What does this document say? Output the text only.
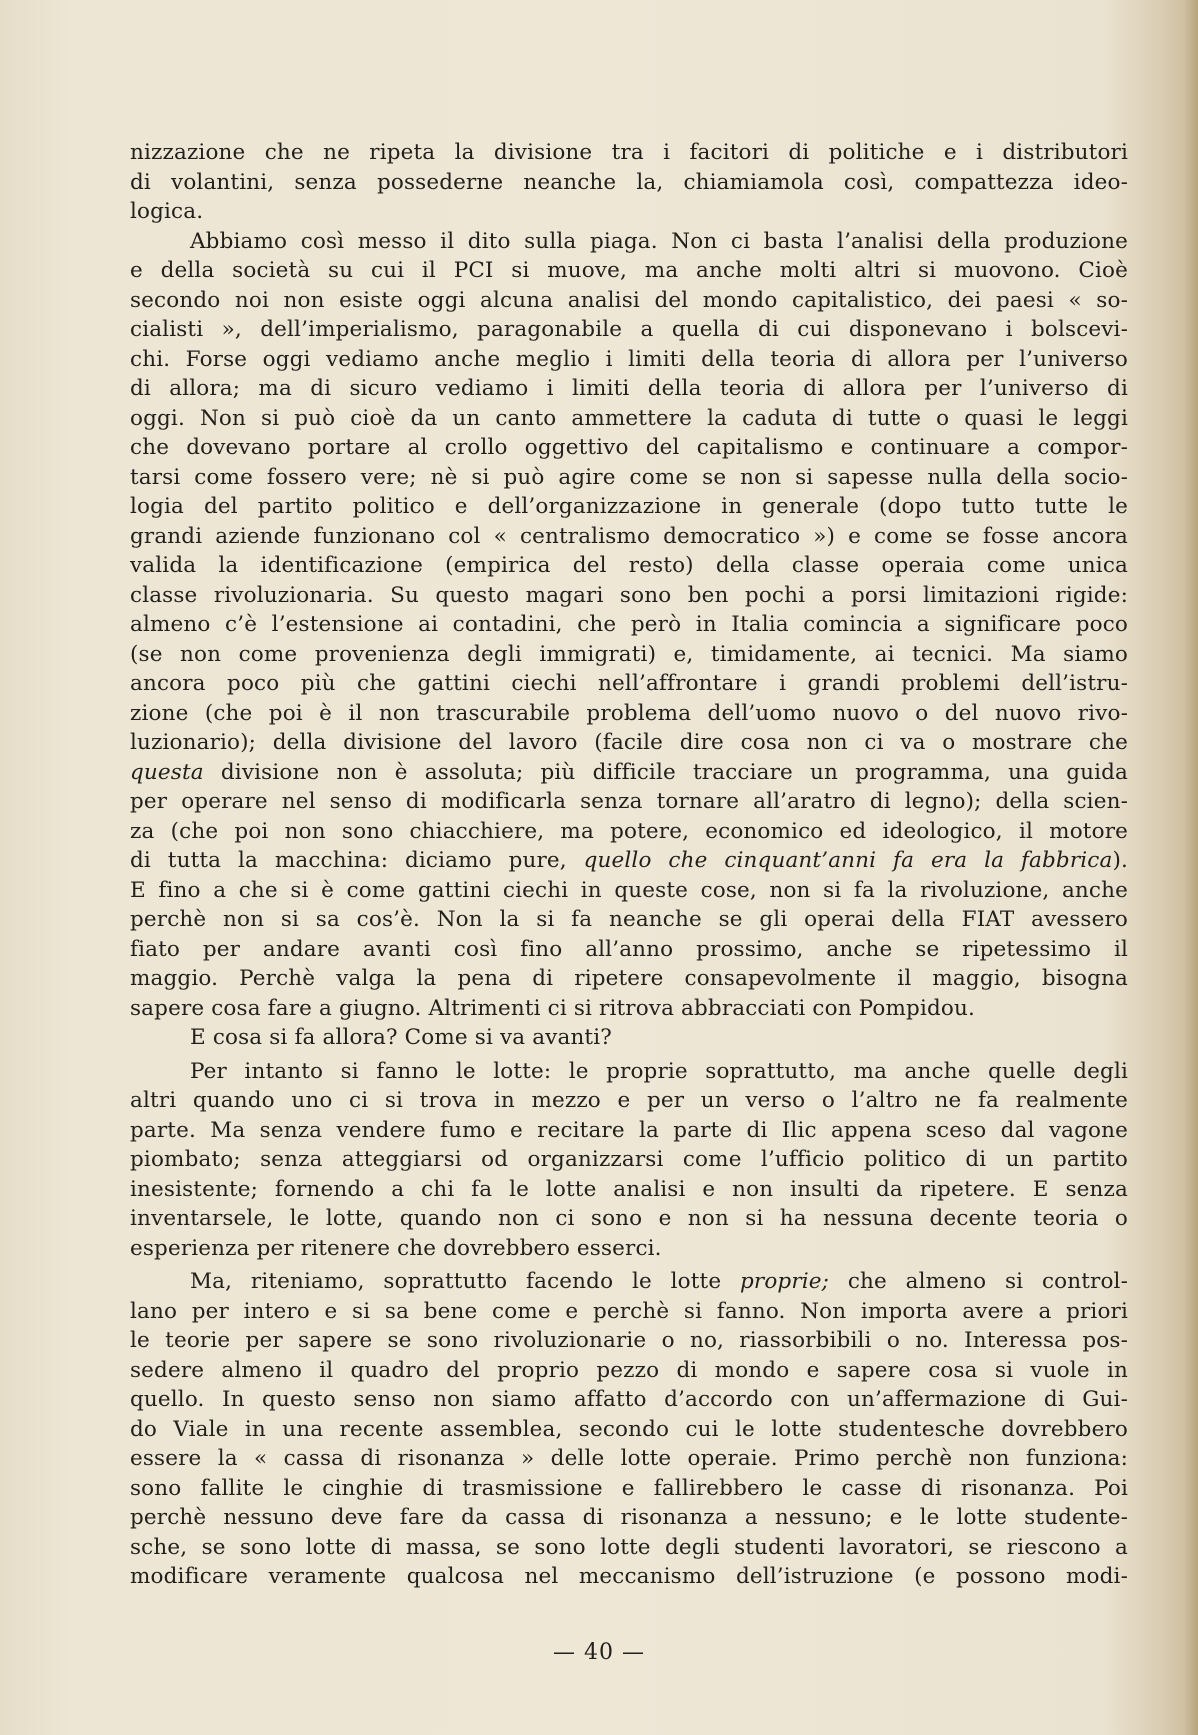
nizzazione che ne ripeta la divisione tra i facitori di politiche e i distributori
di volantini, senza possederne neanche la, chiamiamola così, compattezza ideo-
logica.
Abbiamo così messo il dito sulla piaga. Non ci basta l’analisi della produzione
e della società su cui il PCI si muove, ma anche molti altri si muovono. Cioè
secondo noi non esiste oggi alcuna analisi del mondo capitalistico, dei paesi « so-
cialisti », dell’imperialismo, paragonabile a quella di cui disponevano i bolscevi-
chi. Forse oggi vediamo anche meglio i limiti della teoria di allora per l’universo
di allora; ma di sicuro vediamo i limiti della teoria di allora per l’universo di
oggi. Non si può cioè da un canto ammettere la caduta di tutte o quasi le leggi
che dovevano portare al crollo oggettivo del capitalismo e continuare a compor-
tarsi come fossero vere; nè si può agire come se non si sapesse nulla della socio-
logia del partito politico e dell’organizzazione in generale (dopo tutto tutte le
grandi aziende funzionano col « centralismo democratico ») e come se fosse ancora
valida la identificazione (empirica del resto) della classe operaia come unica
classe rivoluzionaria. Su questo magari sono ben pochi a porsi limitazioni rigide:
almeno c’è l’estensione ai contadini, che però in Italia comincia a significare poco
(se non come provenienza degli immigrati) e, timidamente, ai tecnici. Ma siamo
ancora poco più che gattini ciechi nell’affrontare i grandi problemi dell’istru-
zione (che poi è il non trascurabile problema dell’uomo nuovo o del nuovo rivo-
luzionario); della divisione del lavoro (facile dire cosa non ci va o mostrare che
questa divisione non è assoluta; più difficile tracciare un programma, una guida
per operare nel senso di modificarla senza tornare all’aratro di legno); della scien-
za (che poi non sono chiacchiere, ma potere, economico ed ideologico, il motore
di tutta la macchina: diciamo pure, quello che cinquant’anni fa era la fabbrica).
E fino a che si è come gattini ciechi in queste cose, non si fa la rivoluzione, anche
perchè non si sa cos’è. Non la si fa neanche se gli operai della FIAT avessero
fiato per andare avanti così fino all’anno prossimo, anche se ripetessimo il
maggio. Perchè valga la pena di ripetere consapevolmente il maggio, bisogna
sapere cosa fare a giugno. Altrimenti ci si ritrova abbracciati con Pompidou.
E cosa si fa allora? Come si va avanti?
Per intanto si fanno le lotte: le proprie soprattutto, ma anche quelle degli
altri quando uno ci si trova in mezzo e per un verso o l’altro ne fa realmente
parte. Ma senza vendere fumo e recitare la parte di Ilic appena sceso dal vagone
piombato; senza atteggiarsi od organizzarsi come l’ufficio politico di un partito
inesistente; fornendo a chi fa le lotte analisi e non insulti da ripetere. E senza
inventarsele, le lotte, quando non ci sono e non si ha nessuna decente teoria o
esperienza per ritenere che dovrebbero esserci.
Ma, riteniamo, soprattutto facendo le lotte proprie; che almeno si control-
lano per intero e si sa bene come e perchè si fanno. Non importa avere a priori
le teorie per sapere se sono rivoluzionarie o no, riassorbibili o no. Interessa pos-
sedere almeno il quadro del proprio pezzo di mondo e sapere cosa si vuole in
quello. In questo senso non siamo affatto d’accordo con un’affermazione di Gui-
do Viale in una recente assemblea, secondo cui le lotte studentesche dovrebbero
essere la « cassa di risonanza » delle lotte operaie. Primo perchè non funziona:
sono fallite le cinghie di trasmissione e fallirebbero le casse di risonanza. Poi
perchè nessuno deve fare da cassa di risonanza a nessuno; e le lotte studente-
sche, se sono lotte di massa, se sono lotte degli studenti lavoratori, se riescono a
modificare veramente qualcosa nel meccanismo dell’istruzione (e possono modi-
— 40 —
